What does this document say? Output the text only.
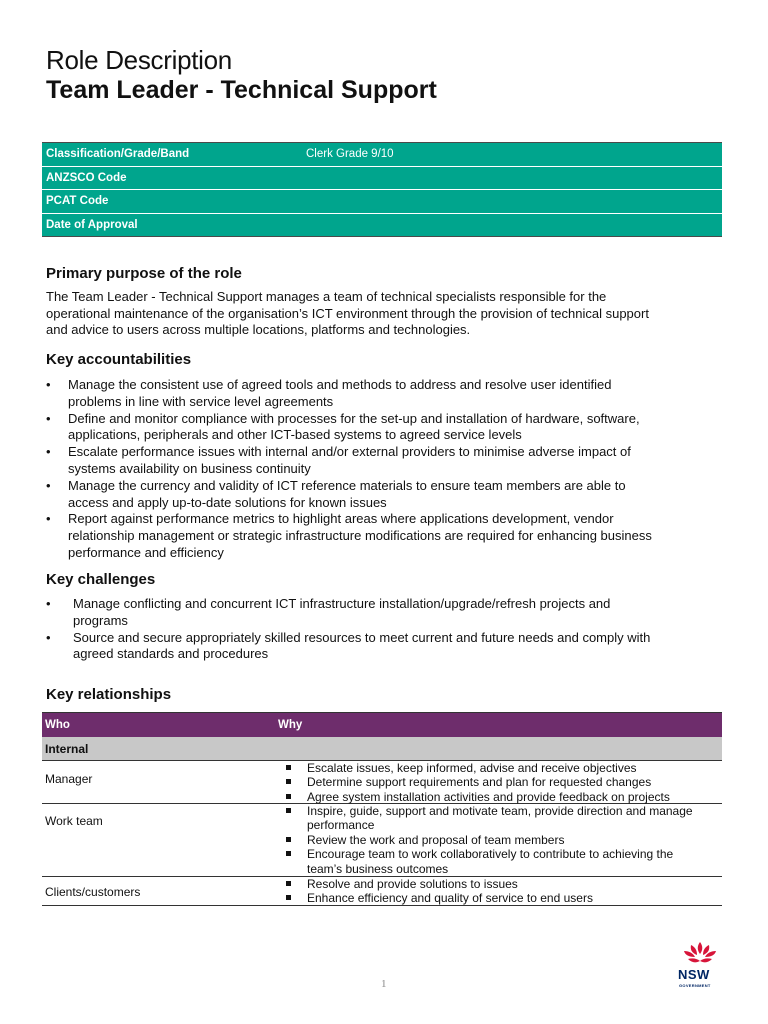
Role Description
Team Leader - Technical Support
Classification/Grade/Band	Clerk Grade 9/10
ANZSCO Code
PCAT Code
Date of Approval
Primary purpose of the role
The Team Leader - Technical Support manages a team of technical specialists responsible for the
operational maintenance of the organisation’s ICT environment through the provision of technical support
and advice to users across multiple locations, platforms and technologies.
Key accountabilities
• Manage the consistent use of agreed tools and methods to address and resolve user identified
problems in line with service level agreements
• Define and monitor compliance with processes for the set-up and installation of hardware, software,
applications, peripherals and other ICT-based systems to agreed service levels
• Escalate performance issues with internal and/or external providers to minimise adverse impact of
systems availability on business continuity
• Manage the currency and validity of ICT reference materials to ensure team members are able to
access and apply up-to-date solutions for known issues
• Report against performance metrics to highlight areas where applications development, vendor
relationship management or strategic infrastructure modifications are required for enhancing business
performance and efficiency
Key challenges
• Manage conflicting and concurrent ICT infrastructure installation/upgrade/refresh projects and
programs
• Source and secure appropriately skilled resources to meet current and future needs and comply with
agreed standards and procedures
Key relationships
Who	Why
Internal
Manager
Escalate issues, keep informed, advise and receive objectives
Determine support requirements and plan for requested changes
Agree system installation activities and provide feedback on projects
Work team
Inspire, guide, support and motivate team, provide direction and manage
performance
Review the work and proposal of team members
Encourage team to work collaboratively to contribute to achieving the
team’s business outcomes
Clients/customers
Resolve and provide solutions to issues
Enhance efficiency and quality of service to end users
1
NSW
GOVERNMENT
